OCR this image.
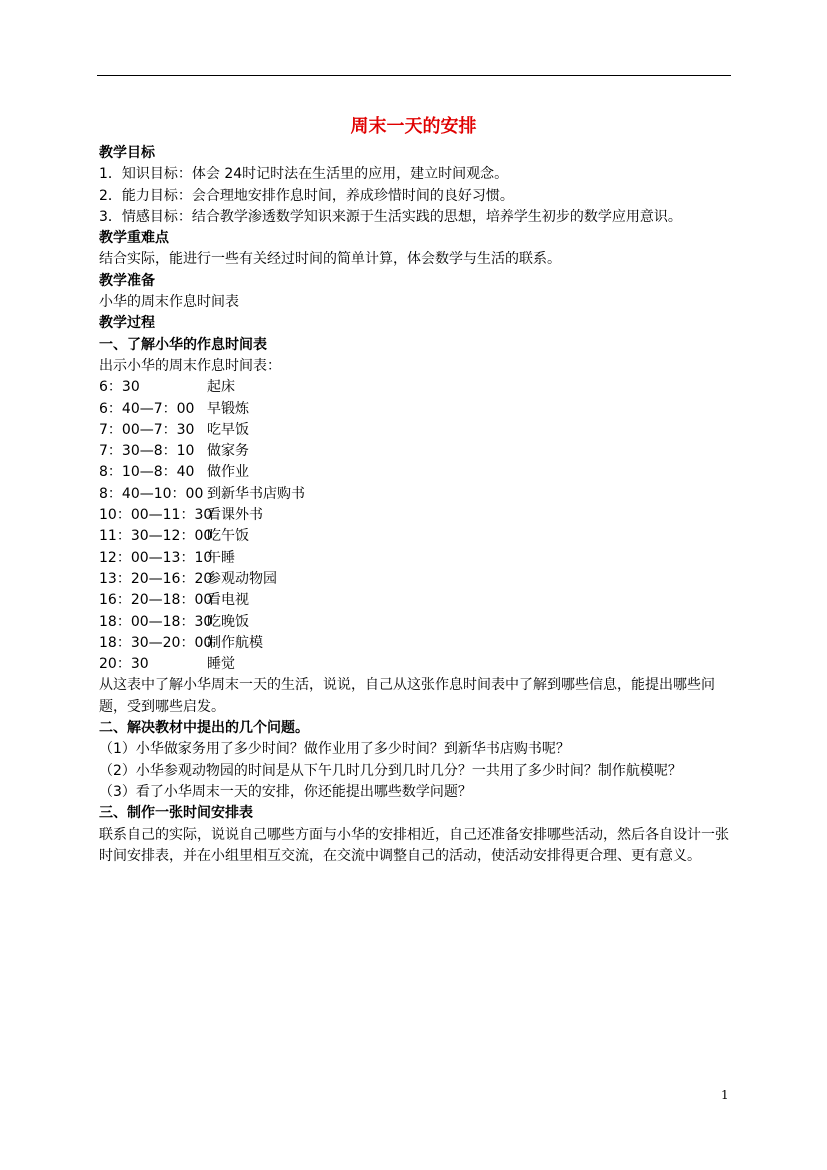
周末一天的安排
教学目标
1．知识目标：体会 24时记时法在生活里的应用，建立时间观念。
2．能力目标：会合理地安排作息时间，养成珍惜时间的良好习惯。
3．情感目标：结合教学渗透数学知识来源于生活实践的思想，培养学生初步的数学应用意识。
教学重难点
结合实际，能进行一些有关经过时间的简单计算，体会数学与生活的联系。
教学准备
小华的周末作息时间表
教学过程
一、了解小华的作息时间表
出示小华的周末作息时间表：
6：30	起床
6：40—7：00 早锻炼
7：00—7：30 吃早饭
7：30—8：10 做家务
8：10—8：40 做作业
8：40—10：00 到新华书店购书
10：00—11：30
看课外书
11：30—12：00
吃午饭
12：00—13：10
午睡
13：20—16：20
参观动物园
16：20—18：00
看电视
18：00—18：30
吃晚饭
18：30—20：00
制作航模
20：30	睡觉
从这表中了解小华周末一天的生活，说说，自己从这张作息时间表中了解到哪些信息，能提出哪些问题，受到哪些启发。
二、解决教材中提出的几个问题。
（1）小华做家务用了多少时间？做作业用了多少时间？到新华书店购书呢？
（2）小华参观动物园的时间是从下午几时几分到几时几分？一共用了多少时间？制作航模呢？
（3）看了小华周末一天的安排，你还能提出哪些数学问题？
三、制作一张时间安排表
联系自己的实际，说说自己哪些方面与小华的安排相近，自己还准备安排哪些活动，然后各自设计一张时间安排表，并在小组里相互交流，在交流中调整自己的活动，使活动安排得更合理、更有意义。
1
